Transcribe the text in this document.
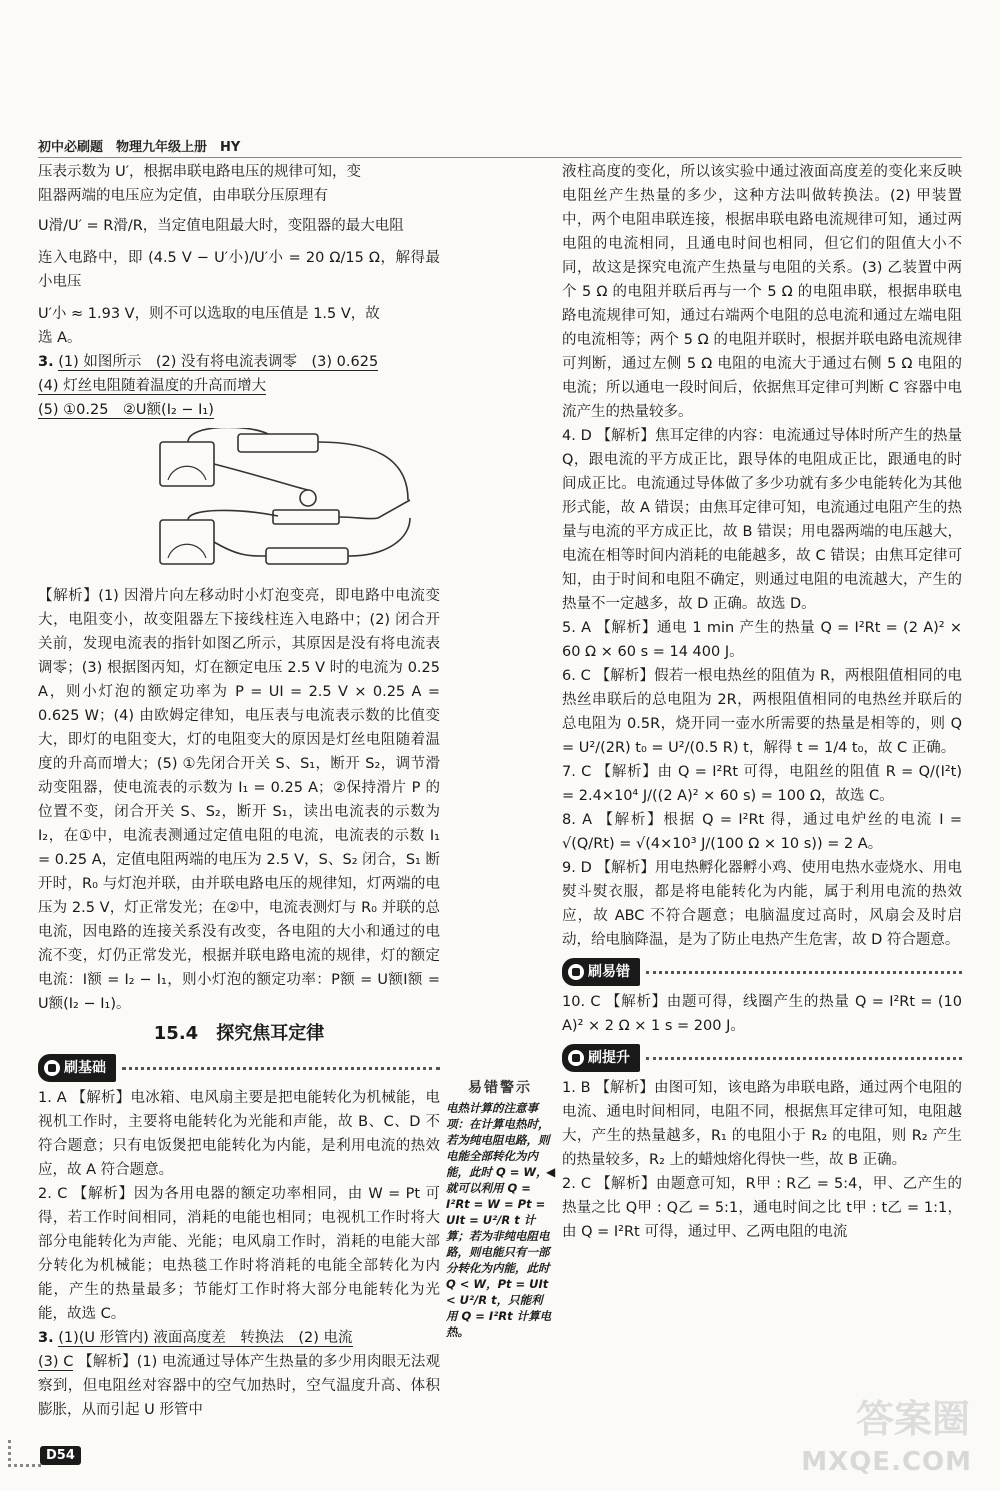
初中必刷题　物理九年级上册　HY

压表示数为 U′，根据串联电路电压的规律可知，变

阻器两端的电压应为定值，由串联分压原理有

U滑/U′ = R滑/R，当定值电阻最大时，变阻器的最大电阻

连入电路中，即 (4.5 V − U′小)/U′小 = 20 Ω/15 Ω，解得最小电压

U′小 ≈ 1.93 V，则不可以选取的电压值是 1.5 V，故

选 A。

3. (1) 如图所示　(2) 没有将电流表调零　(3) 0.625
(4) 灯丝电阻随着温度的升高而增大
(5) ①0.25　②U额(I₂ − I₁)

【解析】(1) 因滑片向左移动时小灯泡变亮，即电路中电流变大，电阻变小，故变阻器左下接线柱连入电路中；(2) 闭合开关前，发现电流表的指针如图乙所示，其原因是没有将电流表调零；(3) 根据图丙知，灯在额定电压 2.5 V 时的电流为 0.25 A，则小灯泡的额定功率为 P = UI = 2.5 V × 0.25 A = 0.625 W；(4) 由欧姆定律知，电压表与电流表示数的比值变大，即灯的电阻变大，灯的电阻变大的原因是灯丝电阻随着温度的升高而增大；(5) ①先闭合开关 S、S₁，断开 S₂，调节滑动变阻器，使电流表的示数为 I₁ = 0.25 A；②保持滑片 P 的位置不变，闭合开关 S、S₂，断开 S₁，读出电流表的示数为 I₂，在①中，电流表测通过定值电阻的电流，电流表的示数 I₁ = 0.25 A，定值电阻两端的电压为 2.5 V，S、S₂ 闭合，S₁ 断开时，R₀ 与灯泡并联，由并联电路电压的规律知，灯两端的电压为 2.5 V，灯正常发光；在②中，电流表测灯与 R₀ 并联的总电流，因电路的连接关系没有改变，各电阻的大小和通过的电流不变，灯仍正常发光，根据并联电路电流的规律，灯的额定电流：I额 = I₂ − I₁，则小灯泡的额定功率：P额 = U额I额 = U额(I₂ − I₁)。

15.4　探究焦耳定律
刷基础

1. A 【解析】电冰箱、电风扇主要是把电能转化为机械能，电视机工作时，主要将电能转化为光能和声能，故 B、C、D 不符合题意；只有电饭煲把电能转化为内能，是利用电流的热效应，故 A 符合题意。

2. C 【解析】因为各用电器的额定功率相同，由 W = Pt 可得，若工作时间相同，消耗的电能也相同；电视机工作时将大部分电能转化为声能、光能；电风扇工作时，消耗的电能大部分转化为机械能；电热毯工作时将消耗的电能全部转化为内能，产生的热量最多；节能灯工作时将大部分电能转化为光能，故选 C。

3. (1)(U 形管内) 液面高度差　转换法　(2) 电流
(3) C 【解析】(1) 电流通过导体产生热量的多少用肉眼无法观察到，但电阻丝对容器中的空气加热时，空气温度升高、体积膨胀，从而引起 U 形管中

易错警示
电热计算的注意事项：在计算电热时，若为纯电阻电路，则电能全部转化为内能，此时 Q = W，就可以利用 Q = I²Rt = W = Pt = UIt = U²/R t 计算；若为非纯电阻电路，则电能只有一部分转化为内能，此时 Q < W，Pt = UIt < U²/R t，只能利用 Q = I²Rt 计算电热。
◀

液柱高度的变化，所以该实验中通过液面高度差的变化来反映电阻丝产生热量的多少，这种方法叫做转换法。(2) 甲装置中，两个电阻串联连接，根据串联电路电流规律可知，通过两电阻的电流相同，且通电时间也相同，但它们的阻值大小不同，故这是探究电流产生热量与电阻的关系。(3) 乙装置中两个 5 Ω 的电阻并联后再与一个 5 Ω 的电阻串联，根据串联电路电流规律可知，通过右端两个电阻的总电流和通过左端电阻的电流相等；两个 5 Ω 的电阻并联时，根据并联电路电流规律可判断，通过左侧 5 Ω 电阻的电流大于通过右侧 5 Ω 电阻的电流；所以通电一段时间后，依据焦耳定律可判断 C 容器中电流产生的热量较多。

4. D 【解析】焦耳定律的内容：电流通过导体时所产生的热量 Q，跟电流的平方成正比，跟导体的电阻成正比，跟通电的时间成正比。电流通过导体做了多少功就有多少电能转化为其他形式能，故 A 错误；由焦耳定律可知，电流通过电阻产生的热量与电流的平方成正比，故 B 错误；用电器两端的电压越大，电流在相等时间内消耗的电能越多，故 C 错误；由焦耳定律可知，由于时间和电阻不确定，则通过电阻的电流越大，产生的热量不一定越多，故 D 正确。故选 D。

5. A 【解析】通电 1 min 产生的热量 Q = I²Rt = (2 A)² × 60 Ω × 60 s = 14 400 J。

6. C 【解析】假若一根电热丝的阻值为 R，两根阻值相同的电热丝串联后的总电阻为 2R，两根阻值相同的电热丝并联后的总电阻为 0.5R，烧开同一壶水所需要的热量是相等的，则 Q = U²/(2R) t₀ = U²/(0.5 R) t，解得 t = 1/4 t₀，故 C 正确。

7. C 【解析】由 Q = I²Rt 可得，电阻丝的阻值 R = Q/(I²t) = 2.4×10⁴ J/((2 A)² × 60 s) = 100 Ω，故选 C。

8. A 【解析】根据 Q = I²Rt 得，通过电炉丝的电流 I = √(Q/Rt) = √(4×10³ J/(100 Ω × 10 s)) = 2 A。

9. D 【解析】用电热孵化器孵小鸡、使用电热水壶烧水、用电熨斗熨衣服，都是将电能转化为内能，属于利用电流的热效应，故 ABC 不符合题意；电脑温度过高时，风扇会及时启动，给电脑降温，是为了防止电热产生危害，故 D 符合题意。

刷易错

10. C 【解析】由题可得，线圈产生的热量 Q = I²Rt = (10 A)² × 2 Ω × 1 s = 200 J。

刷提升

1. B 【解析】由图可知，该电路为串联电路，通过两个电阻的电流、通电时间相同，电阻不同，根据焦耳定律可知，电阻越大，产生的热量越多，R₁ 的电阻小于 R₂ 的电阻，则 R₂ 产生的热量较多，R₂ 上的蜡烛熔化得快一些，故 B 正确。

2. C 【解析】由题意可知，R甲 : R乙 = 5:4，甲、乙产生的热量之比 Q甲 : Q乙 = 5:1，通电时间之比 t甲 : t乙 = 1:1，由 Q = I²Rt 可得，通过甲、乙两电阻的电流

D54
答案圈
MXQE.COM
